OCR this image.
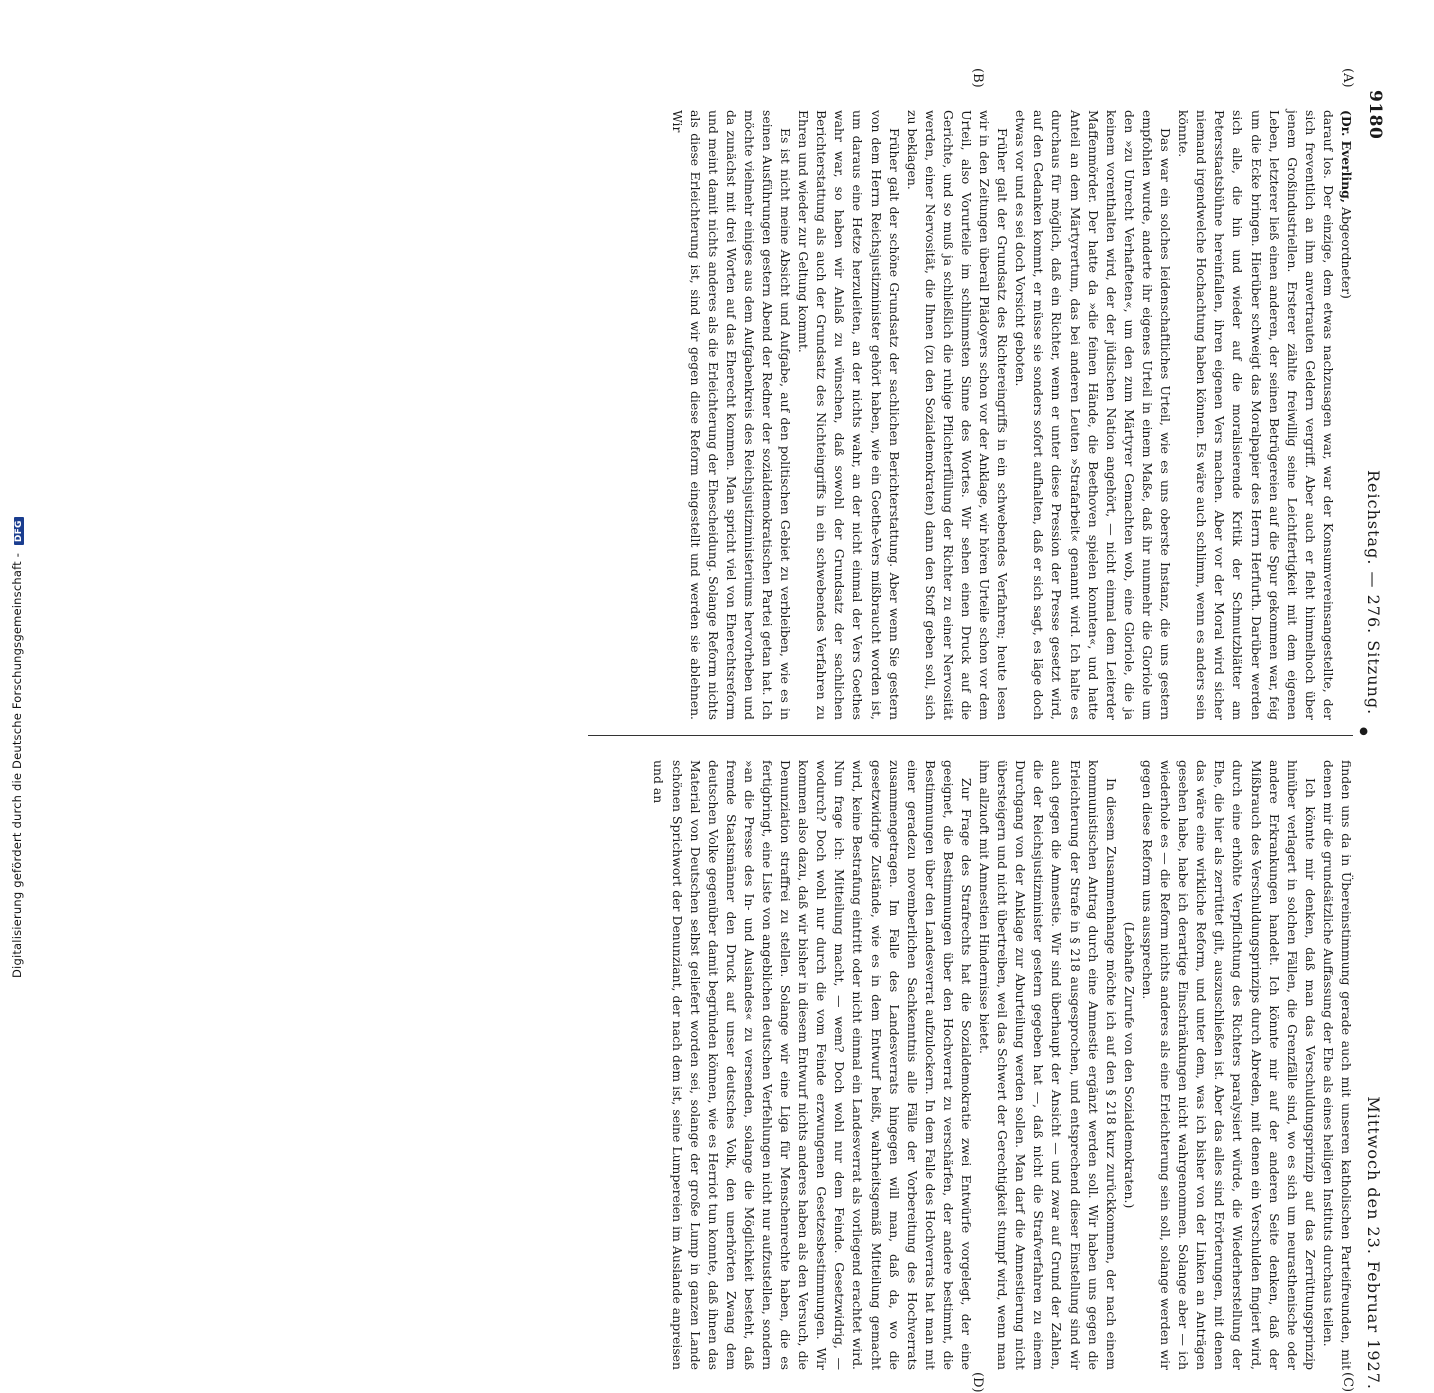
Digitalisierung gefördert durch die Deutsche Forschungsgemeinschaft - DFG
9180
Reichstag. — 276. Sitzung.
Mittwoch den 23. Februar 1927.
●
(A)
(B)
(C)
(D)

(Dr. Everling, Abgeordneter)

darauf los. Der einzige, dem etwas nachzusagen war, war der Konsumvereinsangestellte, der sich freventlich an ihm anvertrauten Geldern vergriff. Aber auch er fleht himmelhoch über jenem Großindustriellen. Ersterer zählte freiwillig seine Leichtfertigkeit mit dem eigenen Leben, letzterer ließ einen anderen, der seinen Betrügereien auf die Spur gekommen war, feig um die Ecke bringen. Hierüber schweigt das Moralpapier des Herrn Herfurth. Darüber werden sich alle, die hin und wieder auf die moralisierende Kritik der Schmutzblätter am Petersstaatsbühne hereinfallen, ihren eigenen Vers machen. Aber vor der Moral wird sicher niemand irgendwelche Hochachtung haben können. Es wäre auch schlimm, wenn es anders sein könnte.

Das war ein solches leidenschaftliches Urteil, wie es uns oberste Instanz, die uns gestern empfohlen wurde, anderte ihr eigenes Urteil in einem Maße, daß ihr nunmehr die Gloriole um den »zu Unrecht Verhafteten«, um den zum Märtyrer Gemachten wob, eine Gloriole, die ja keinem vorenthalten wird, der der jüdischen Nation angehört, — nicht einmal dem Leiterder Maffenmörder. Der hatte da »die feinen Hände, die Beethoven spielen konnten«, und hatte Anteil an dem Märtyrertum, das bei anderen Leuten »Strafarbeit« genannt wird. Ich halte es durchaus für möglich, daß ein Richter, wenn er unter diese Pression der Presse gesetzt wird, auf den Gedanken kommt, er müsse sie sonders sofort aufhalten, daß er sich sagt, es läge doch etwas vor und es sei doch Vorsicht geboten.

Früher galt der Grundsatz des Richtereingriffs in ein schwebendes Verfahren; heute lesen wir in den Zeitungen überall Plädoyers schon vor der Anklage, wir hören Urteile schon vor dem Urteil, also Vorurteile im schlimmsten Sinne des Wortes. Wir sehen einen Druck auf die Gerichte, und so muß ja schließlich die ruhige Pflichterfüllung der Richter zu einer Nervosität werden, einer Nervosität, die Ihnen (zu den Sozialdemokraten) dann den Stoff geben soll, sich zu beklagen.

Früher galt der schöne Grundsatz der sachlichen Berichterstattung. Aber wenn Sie gestern von dem Herrn Reichsjustizminister gehört haben, wie ein Goethe-Vers mißbraucht worden ist, um daraus eine Hetze herzuleiten, an der nichts wahr, an der nicht einmal der Vers Goethes wahr war, so haben wir Anlaß zu wünschen, daß sowohl der Grundsatz der sachlichen Berichterstattung als auch der Grundsatz des Nichteingriffs in ein schwebendes Verfahren zu Ehren und wieder zur Geltung kommt.

Es ist nicht meine Absicht und Aufgabe, auf den politischen Gebiet zu verbleiben, wie es in seinen Ausführungen gestern Abend der Redner der sozialdemokratischen Partei getan hat. Ich möchte vielmehr einiges aus dem Aufgabenkreis des Reichsjustizministeriums hervorheben und da zunächst mit drei Worten auf das Eherecht kommen. Man spricht viel von Eherechtsreform und meint damit nichts anderes als die Erleichterung der Ehescheidung. Solange Reform nichts als diese Erleichterung ist, sind wir gegen diese Reform eingestellt und werden sie ablehnen. Wir

finden uns da in Übereinstimmung gerade auch mit unseren katholischen Parteifreunden, mit denen mir die grundsätzliche Auffassung der Ehe als eines heiligen Instituts durchaus teilen.

Ich könnte mir denken, daß man das Verschuldungsprinzip auf das Zerrüttungsprinzip hinüber verlagert in solchen Fällen, die Grenzfälle sind, wo es sich um neurasthenische oder andere Erkrankungen handelt. Ich könnte mir auf der anderen Seite denken, daß der Mißbrauch des Verschuldungsprinzips durch Abreden, mit denen ein Verschulden fingiert wird, durch eine erhöhte Verpflichtung des Richters paralysiert würde, die Wiederherstellung der Ehe, die hier als zerrüttet gilt, auszuschließen ist. Aber das alles sind Erörterungen, mit denen das wäre eine wirkliche Reform, und unter dem, was ich bisher von der Linken an Anträgen gesehen habe, habe ich derartige Einschränkungen nicht wahrgenommen. Solange aber — ich wiederhole es — die Reform nichts anderes als eine Erleichterung sein soll, solange werden wir gegen diese Reform uns aussprechen.

(Lebhafte Zurufe von den Sozialdemokraten.)

In diesem Zusammenhange möchte ich auf den § 218 kurz zurückkommen, der nach einem kommunistischen Antrag durch eine Amnestie ergänzt werden soll. Wir haben uns gegen die Erleichterung der Strafe in § 218 ausgesprochen, und entsprechend dieser Einstellung sind wir auch gegen die Amnestie. Wir sind überhaupt der Ansicht — und zwar auf Grund der Zahlen, die der Reichsjustizminister gestern gegeben hat —, daß nicht die Strafverfahren zu einem Durchgang von der Anklage zur Aburteilung werden sollen. Man darf die Amnestierung nicht übersteigern und nicht übertreiben, weil das Schwert der Gerechtigkeit stumpf wird, wenn man ihm allzuoft mit Amnestien Hindernisse bietet.

Zur Frage des Strafrechts hat die Sozialdemokratie zwei Entwürfe vorgelegt, der eine geeignet, die Bestimmungen über den Hochverrat zu verschärfen, der andere bestimmt, die Bestimmungen über den Landesverrat aufzulockern. In dem Falle des Hochverrats hat man mit einer geradezu novemberlichen Sachkenntnis alle Fälle der Vorbereitung des Hochverrats zusammengetragen. Im Falle des Landesverrats hingegen will man, daß da, wo die gesetzwidrige Zustände, wie es in dem Entwurf heißt, wahrheitsgemäß Mitteilung gemacht wird, keine Bestrafung eintritt oder nicht einmal ein Landesverrat als vorliegend erachtet wird. Nun frage ich: Mitteilung macht, — wem? Doch wohl nur dem Feinde. Gesetzwidrig, — wodurch? Doch wohl nur durch die vom Feinde erzwungenen Gesetzesbestimmungen. Wir kommen also dazu, daß wir bisher in diesem Entwurf nichts anderes haben als den Versuch, die Denunziation straffrei zu stellen. Solange wir eine Liga für Menschenrechte haben, die es fertigbringt, eine Liste von angeblichen deutschen Verfehlungen nicht nur aufzustellen, sondern »an die Presse des In- und Auslandes« zu versenden, solange die Möglichkeit besteht, daß fremde Staatsmänner den Druck auf unser deutsches Volk, den unerhörten Zwang dem deutschen Volke gegenüber damit begründen können, wie es Herriot tun konnte, daß ihnen das Material von Deutschen selbst geliefert worden sei, solange der große Lump in ganzen Lande schönen Sprichwort der Denunziant, der nach dem ist, seine Lumpereien im Auslande anpreisen und an
